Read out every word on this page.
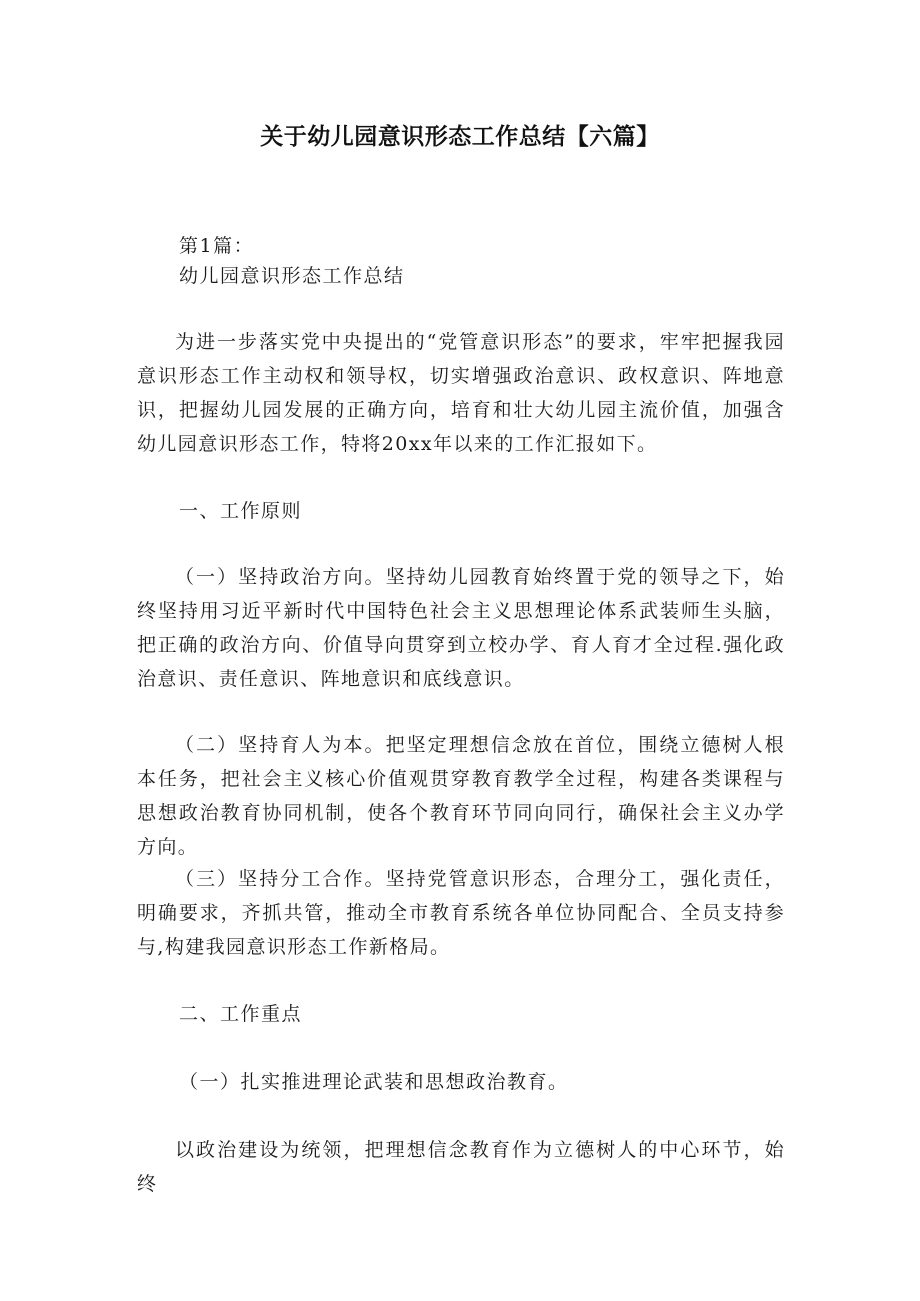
关于幼儿园意识形态工作总结【六篇】
第1篇：
幼儿园意识形态工作总结

为进一步落实党中央提出的“党管意识形态”的要求，牢牢把握我园意识形态工作主动权和领导权，切实增强政治意识、政权意识、阵地意识，把握幼儿园发展的正确方向，培育和壮大幼儿园主流价值，加强含幼儿园意识形态工作，特将20xx年以来的工作汇报如下。

一、工作原则

（一）坚持政治方向。坚持幼儿园教育始终置于党的领导之下，始终坚持用习近平新时代中国特色社会主义思想理论体系武装师生头脑，把正确的政治方向、价值导向贯穿到立校办学、育人育才全过程.强化政治意识、责任意识、阵地意识和底线意识。

（二）坚持育人为本。把坚定理想信念放在首位，围绕立德树人根本任务，把社会主义核心价值观贯穿教育教学全过程，构建各类课程与思想政治教育协同机制，使各个教育环节同向同行，确保社会主义办学方向。

（三）坚持分工合作。坚持党管意识形态，合理分工，强化责任，明确要求，齐抓共管，推动全市教育系统各单位协同配合、全员支持参与,构建我园意识形态工作新格局。

二、工作重点
（一）扎实推进理论武装和思想政治教育。

以政治建设为统领，把理想信念教育作为立德树人的中心环节，始终
